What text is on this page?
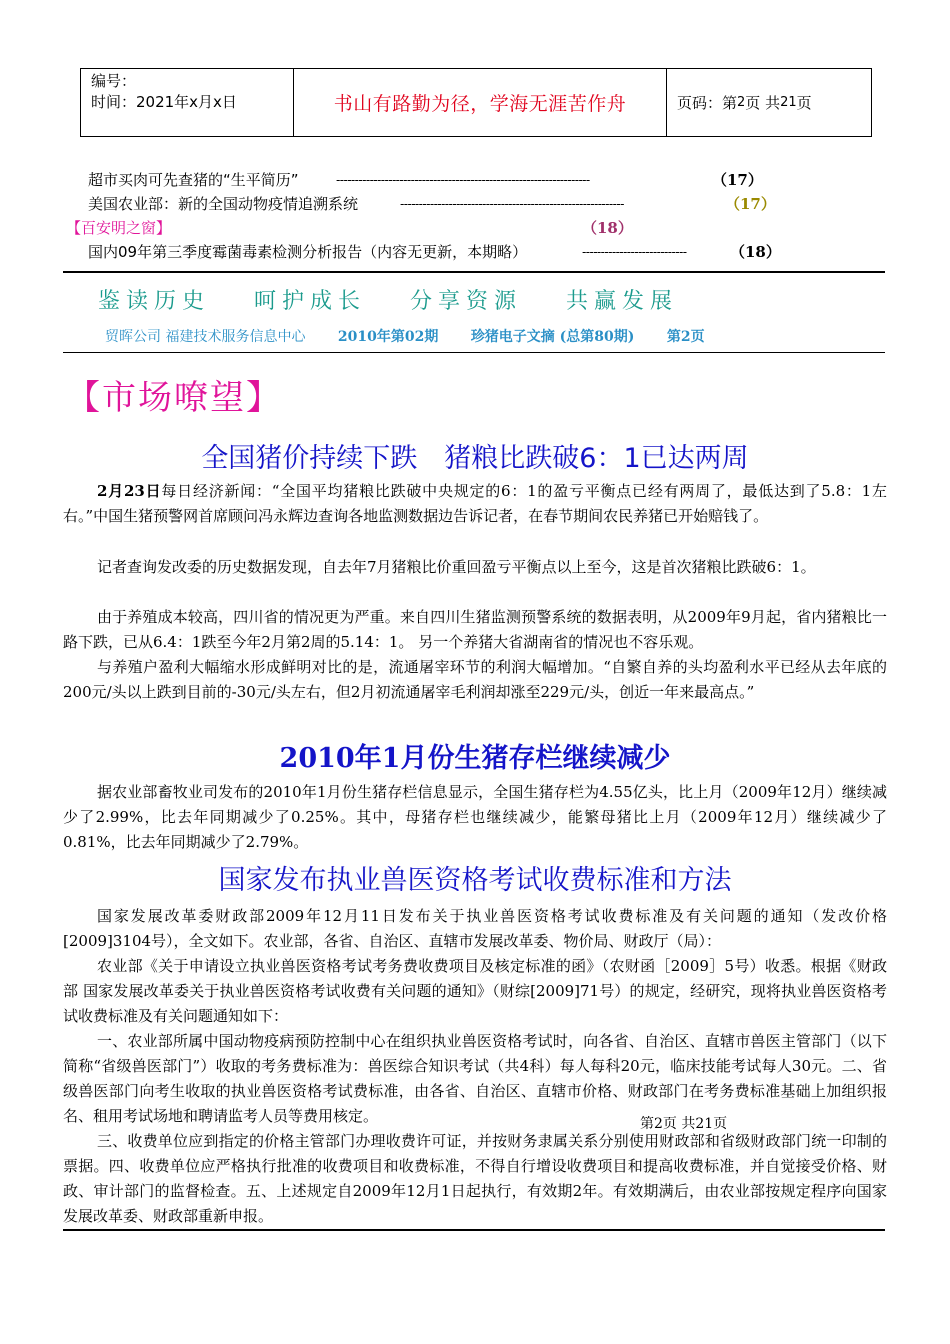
编号：
时间：2021年x月x日	书山有路勤为径，学海无涯苦作舟	页码：第 2 页 共 21 页
超市买肉可先查猪的“生平简历”	--------------------------------------------------------------------	（17）
美国农业部：新的全国动物疫情追溯系统	------------------------------------------------------------	（17）
【百安明之窗】	（18）
国内09年第三季度霉菌毒素检测分析报告（内容无更新，本期略）	----------------------------	（18）
鉴读历史 呵护成长 分享资源 共赢发展
贸晖公司 福建技术服务信息中心 2010年第02期 珍猪电子文摘 (总第80期) 第2页
【市场嘹望】
全国猪价持续下跌　猪粮比跌破6：1已达两周
2月23日每日经济新闻：“全国平均猪粮比跌破中央规定的6：1的盈亏平衡点已经有两周了，最低达到了5.8：1左右。”中国生猪预警网首席顾问冯永辉边查询各地监测数据边告诉记者，在春节期间农民养猪已开始赔钱了。
记者查询发改委的历史数据发现，自去年7月猪粮比价重回盈亏平衡点以上至今，这是首次猪粮比跌破6：1。
由于养殖成本较高，四川省的情况更为严重。来自四川生猪监测预警系统的数据表明，从2009年9月起，省内猪粮比一路下跌，已从6.4：1跌至今年2月第2周的5.14：1。 另一个养猪大省湖南省的情况也不容乐观。
与养殖户盈利大幅缩水形成鲜明对比的是，流通屠宰环节的利润大幅增加。“自繁自养的头均盈利水平已经从去年底的200元/头以上跌到目前的-30元/头左右，但2月初流通屠宰毛利润却涨至229元/头，创近一年来最高点。”
2010年1月份生猪存栏继续减少
据农业部畜牧业司发布的2010年1月份生猪存栏信息显示，全国生猪存栏为4.55亿头，比上月（2009年12月）继续减少了2.99%，比去年同期减少了0.25%。其中，母猪存栏也继续减少，能繁母猪比上月（2009年12月）继续减少了0.81%，比去年同期减少了2.79%。
国家发布执业兽医资格考试收费标准和方法
国家发展改革委财政部2009年12月11日发布关于执业兽医资格考试收费标准及有关问题的通知（发改价格[2009]3104号），全文如下。农业部，各省、自治区、直辖市发展改革委、物价局、财政厅（局）：
农业部《关于申请设立执业兽医资格考试考务费收费项目及核定标准的函》（农财函［2009］5号）收悉。根据《财政部 国家发展改革委关于执业兽医资格考试收费有关问题的通知》（财综[2009]71号）的规定，经研究，现将执业兽医资格考试收费标准及有关问题通知如下：
一、农业部所属中国动物疫病预防控制中心在组织执业兽医资格考试时，向各省、自治区、直辖市兽医主管部门（以下简称“省级兽医部门”）收取的考务费标准为：兽医综合知识考试（共4科）每人每科20元，临床技能考试每人30元。二、省级兽医部门向考生收取的执业兽医资格考试费标准，由各省、自治区、直辖市价格、财政部门在考务费标准基础上加组织报名、租用考试场地和聘请监考人员等费用核定。
三、收费单位应到指定的价格主管部门办理收费许可证，并按财务隶属关系分别使用财政部和省级财政部门统一印制的票据。四、收费单位应严格执行批准的收费项目和收费标准，不得自行增设收费项目和提高收费标准，并自觉接受价格、财政、审计部门的监督检查。五、上述规定自2009年12月1日起执行，有效期2年。有效期满后，由农业部按规定程序向国家发展改革委、财政部重新申报。
第2页 共21页
